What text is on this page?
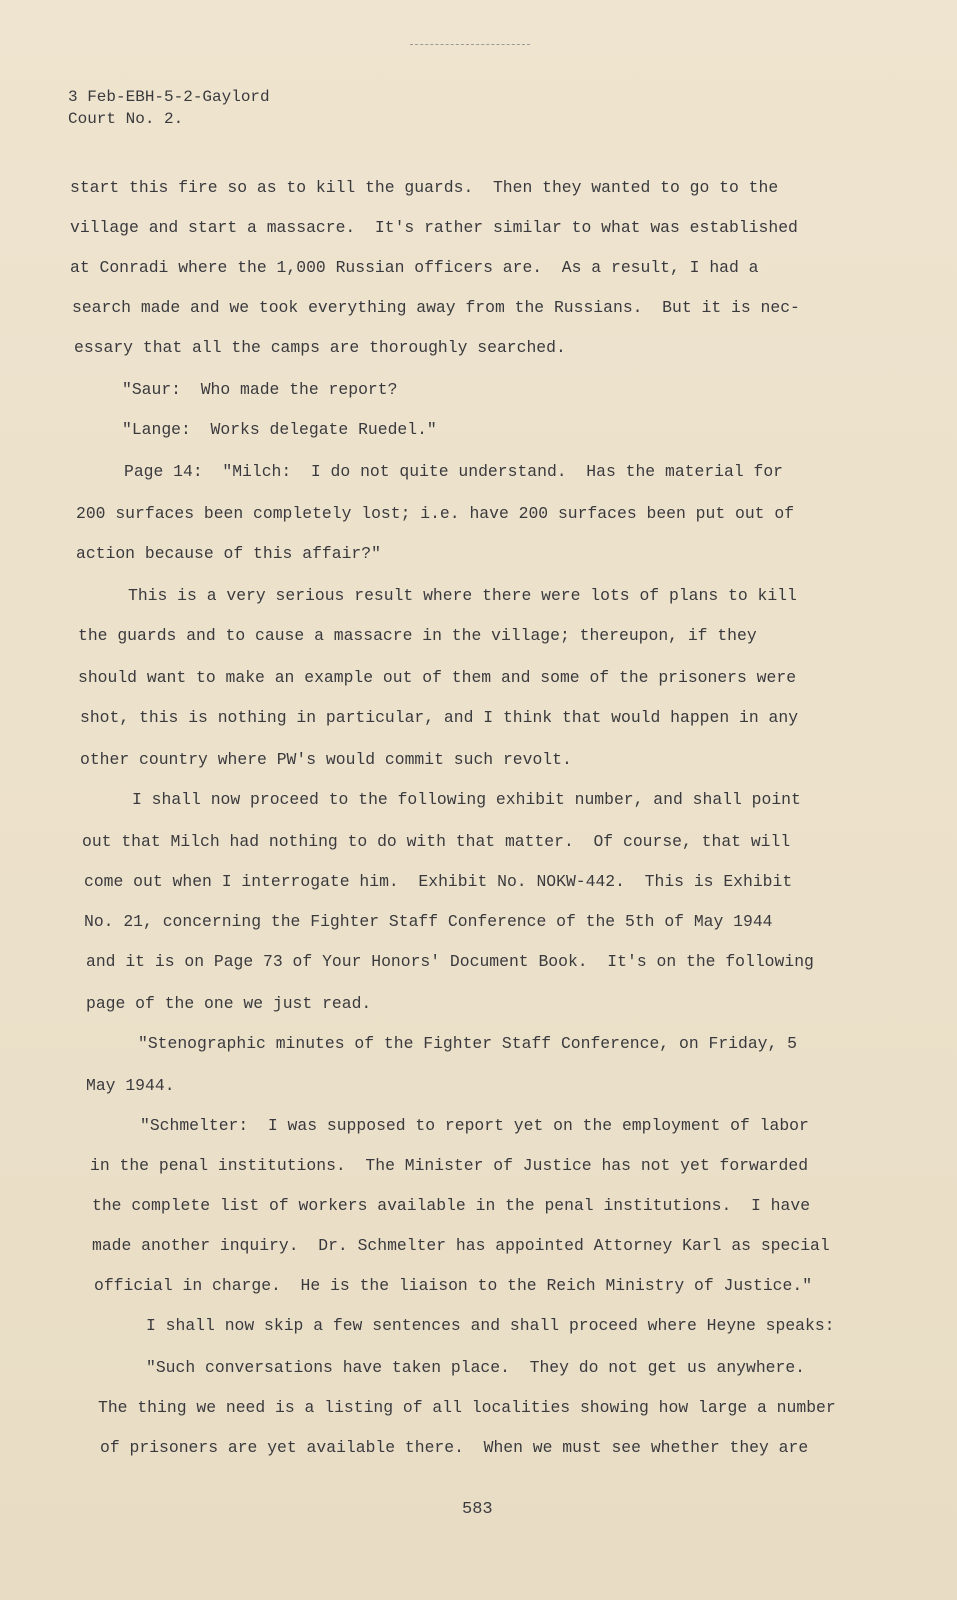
3 Feb-EBH-5-2-Gaylord
Court No. 2.
start this fire so as to kill the guards.  Then they wanted to go to the
village and start a massacre.  It's rather similar to what was established
at Conradi where the 1,000 Russian officers are.  As a result, I had a
search made and we took everything away from the Russians.  But it is nec-
essary that all the camps are thoroughly searched.
"Saur:  Who made the report?
"Lange:  Works delegate Ruedel."
Page 14:  "Milch:  I do not quite understand.  Has the material for
200 surfaces been completely lost; i.e. have 200 surfaces been put out of
action because of this affair?"
This is a very serious result where there were lots of plans to kill
the guards and to cause a massacre in the village; thereupon, if they
should want to make an example out of them and some of the prisoners were
shot, this is nothing in particular, and I think that would happen in any
other country where PW's would commit such revolt.
I shall now proceed to the following exhibit number, and shall point
out that Milch had nothing to do with that matter.  Of course, that will
come out when I interrogate him.  Exhibit No. NOKW-442.  This is Exhibit
No. 21, concerning the Fighter Staff Conference of the 5th of May 1944
and it is on Page 73 of Your Honors' Document Book.  It's on the following
page of the one we just read.
"Stenographic minutes of the Fighter Staff Conference, on Friday, 5
May 1944.
"Schmelter:  I was supposed to report yet on the employment of labor
in the penal institutions.  The Minister of Justice has not yet forwarded
the complete list of workers available in the penal institutions.  I have
made another inquiry.  Dr. Schmelter has appointed Attorney Karl as special
official in charge.  He is the liaison to the Reich Ministry of Justice."
I shall now skip a few sentences and shall proceed where Heyne speaks:
"Such conversations have taken place.  They do not get us anywhere.
The thing we need is a listing of all localities showing how large a number
of prisoners are yet available there.  When we must see whether they are
583
